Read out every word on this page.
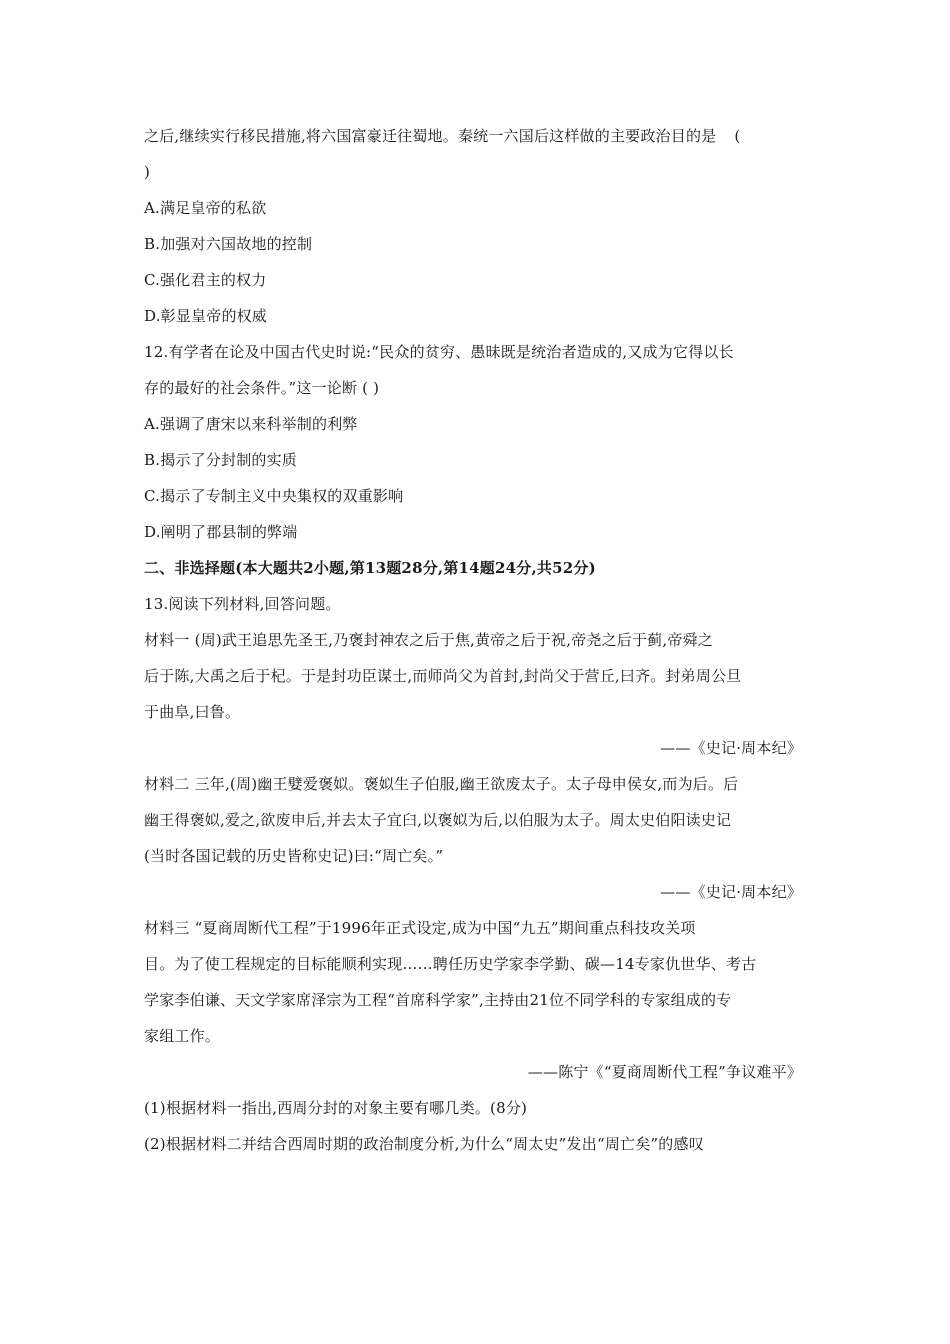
之后,继续实行移民措施,将六国富豪迁往蜀地。秦统一六国后这样做的主要政治目的是 (
)
A.满足皇帝的私欲
B.加强对六国故地的控制
C.强化君主的权力
D.彰显皇帝的权威
12.有学者在论及中国古代史时说:“民众的贫穷、愚昧既是统治者造成的,又成为它得以长
存的最好的社会条件。”这一论断 ( )
A.强调了唐宋以来科举制的利弊
B.揭示了分封制的实质
C.揭示了专制主义中央集权的双重影响
D.阐明了郡县制的弊端
二、非选择题(本大题共2小题,第13题28分,第14题24分,共52分)
13.阅读下列材料,回答问题。
材料一 (周)武王追思先圣王,乃褒封神农之后于焦,黄帝之后于祝,帝尧之后于蓟,帝舜之
后于陈,大禹之后于杞。于是封功臣谋士,而师尚父为首封,封尚父于营丘,曰齐。封弟周公旦
于曲阜,曰鲁。
——《史记·周本纪》
材料二 三年,(周)幽王嬖爱褒姒。褒姒生子伯服,幽王欲废太子。太子母申侯女,而为后。后
幽王得褒姒,爱之,欲废申后,并去太子宜臼,以褒姒为后,以伯服为太子。周太史伯阳读史记
(当时各国记载的历史皆称史记)曰:“周亡矣。”
——《史记·周本纪》
材料三 “夏商周断代工程”于1996年正式设定,成为中国“九五”期间重点科技攻关项
目。为了使工程规定的目标能顺利实现……聘任历史学家李学勤、碳—14专家仇世华、考古
学家李伯谦、天文学家席泽宗为工程“首席科学家”,主持由21位不同学科的专家组成的专
家组工作。
——陈宁《“夏商周断代工程”争议难平》
(1)根据材料一指出,西周分封的对象主要有哪几类。(8分)
(2)根据材料二并结合西周时期的政治制度分析,为什么“周太史”发出“周亡矣”的感叹
